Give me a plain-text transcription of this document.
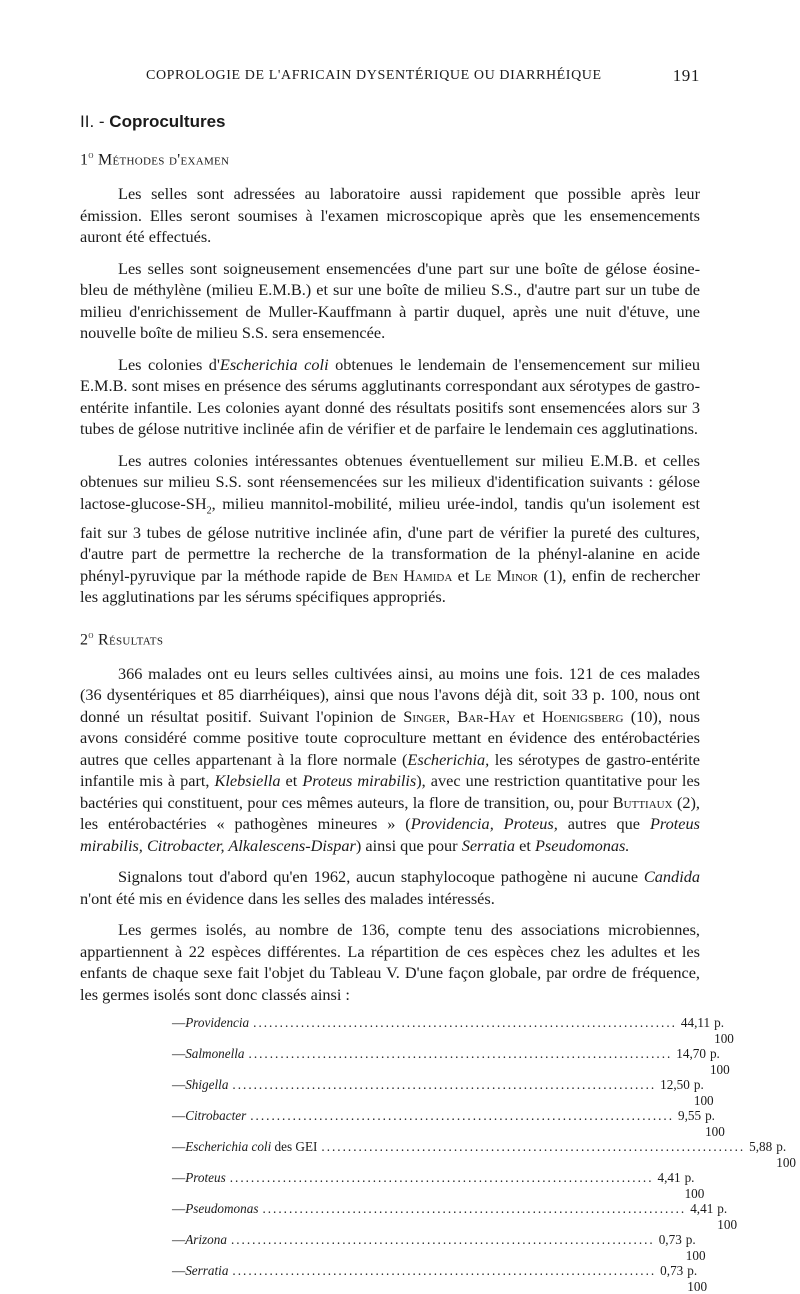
COPROLOGIE DE L'AFRICAIN DYSENTÉRIQUE OU DIARRHÉIQUE	191
II. - Coprocultures
1$^o$ Méthodes d'examen

Les selles sont adressées au laboratoire aussi rapidement que possible après leur émission. Elles seront soumises à l'examen microscopique après que les ensemencements auront été effectués.

Les selles sont soigneusement ensemencées d'une part sur une boîte de gélose éosine-bleu de méthylène (milieu E.M.B.) et sur une boîte de milieu S.S., d'autre part sur un tube de milieu d'enrichissement de Muller-Kauffmann à partir duquel, après une nuit d'étuve, une nouvelle boîte de milieu S.S. sera ensemencée.

Les colonies d'Escherichia coli obtenues le lendemain de l'ensemencement sur milieu E.M.B. sont mises en présence des sérums agglutinants correspondant aux sérotypes de gastro-entérite infantile. Les colonies ayant donné des résultats positifs sont ensemencées alors sur 3 tubes de gélose nutritive inclinée afin de vérifier et de parfaire le lendemain ces agglutinations.

Les autres colonies intéressantes obtenues éventuellement sur milieu E.M.B. et celles obtenues sur milieu S.S. sont réensemencées sur les milieux d'identification suivants : gélose lactose-$glucose-SH_2$, milieu mannitol-mobilité, milieu urée-indol, tandis qu'un isolement est fait sur 3 tubes de gélose nutritive inclinée afin, d'une part de vérifier la pureté des cultures, d'autre part de permettre la recherche de la transformation de la phényl-alanine en acide phényl-pyruvique par la méthode rapide de Ben Hamida et Le Minor (1), enfin de rechercher les agglutinations par les sérums spécifiques appropriés.

2$^o$ Résultats

366 malades ont eu leurs selles cultivées ainsi, au moins une fois. 121 de ces malades (36 dysentériques et 85 diarrhéiques), ainsi que nous l'avons déjà dit, soit 33 p. 100, nous ont donné un résultat positif. Suivant l'opinion de Singer, Bar-Hay et Hoenigsberg (10), nous avons considéré comme positive toute coproculture mettant en évidence des entérobactéries autres que celles appartenant à la flore normale (Escherichia, les sérotypes de gastro-entérite infantile mis à part, Klebsiella et Proteus mirabilis), avec une restriction quantitative pour les bactéries qui constituent, pour ces mêmes auteurs, la flore de transition, ou, pour Buttiaux (2), les entérobactéries « pathogènes mineures » (Providencia, Proteus, autres que Proteus mirabilis, Citrobacter, Alkalescens-Dispar) ainsi que pour Serratia et Pseudomonas.

Signalons tout d'abord qu'en 1962, aucun staphylocoque pathogène ni aucune Candida n'ont été mis en évidence dans les selles des malades intéressés.

Les germes isolés, au nombre de 136, compte tenu des associations microbiennes, appartiennent à 22 espèces différentes. La répartition de ces espèces chez les adultes et les enfants de chaque sexe fait l'objet du Tableau V. D'une façon globale, par ordre de fréquence, les germes isolés sont donc classés ainsi :

— Providencia ................................................................................ 44,11 p. 100
— Salmonella ................................................................................ 14,70 p. 100
— Shigella ................................................................................ 12,50 p. 100
— Citrobacter ................................................................................ 9,55 p. 100
— Escherichia coli des GEI ................................................................................ 5,88 p. 100
— Proteus ................................................................................ 4,41 p. 100
— Pseudomonas ................................................................................ 4,41 p. 100
— Arizona ................................................................................ 0,73 p. 100
— Serratia ................................................................................ 0,73 p. 100
